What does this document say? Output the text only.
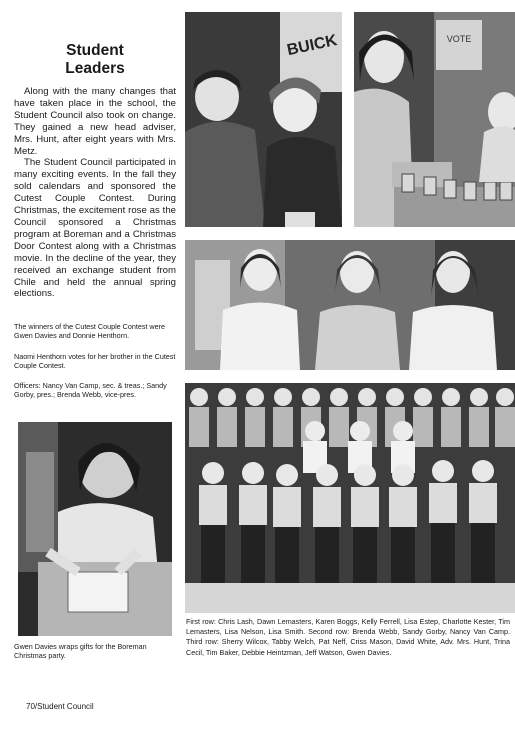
BUICK	VOTE
Student
Leaders

Along with the many changes that have taken place in the school, the Student Council also took on change. They gained a new head adviser, Mrs. Hunt, after eight years with Mrs. Metz.

The Student Council participated in many exciting events. In the fall they sold calendars and sponsored the Cutest Couple Contest. During Christmas, the excitement rose as the Council sponsored a Christmas program at Boreman and a Christmas Door Contest along with a Christmas movie. In the decline of the year, they received an exchange student from Chile and held the annual spring elections.

The winners of the Cutest Couple Contest were Gwen Davies and Donnie Henthorn.
Naomi Henthorn votes for her brother in the Cutest Couple Contest.
Officers: Nancy Van Camp, sec. & treas.; Sandy Gorby, pres.; Brenda Webb, vice-pres.
Gwen Davies wraps gifts for the Boreman Christmas party.
First row: Chris Lash, Dawn Lemasters, Karen Boggs, Kelly Ferrell, Lisa Estep, Charlotte Kester, Tim Lemasters, Lisa Nelson, Lisa Smith. Second row: Brenda Webb, Sandy Gorby, Nancy Van Camp. Third row: Sherry Wilcox, Tabby Welch, Pat Neff, Criss Mason, David White, Adv. Mrs. Hunt, Trina Cecil, Tim Baker, Debbie Heintzman, Jeff Watson, Gwen Davies.
70/Student Council
